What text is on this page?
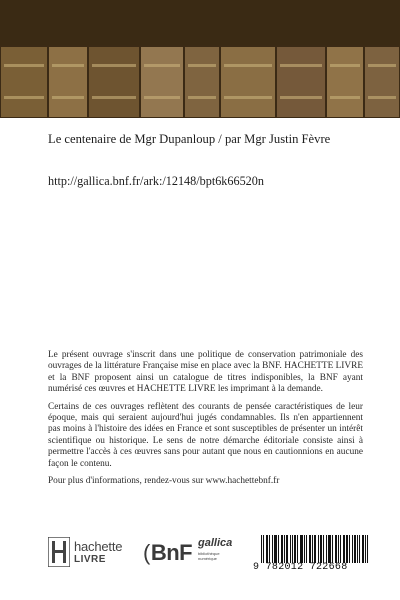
Le centenaire de Mgr Dupanloup / par Mgr Justin Fèvre
http://gallica.bnf.fr/ark:/12148/bpt6k66520n

Le présent ouvrage s'inscrit dans une politique de conservation patrimoniale des ouvrages de la littérature Française mise en place avec la BNF. HACHETTE LIVRE et la BNF proposent ainsi un catalogue de titres indisponibles, la BNF ayant numérisé ces œuvres et HACHETTE LIVRE les imprimant à la demande.

Certains de ces ouvrages reflètent des courants de pensée caractéristiques de leur époque, mais qui seraient aujourd'hui jugés condamnables. Ils n'en appartiennent pas moins à l'histoire des idées en France et sont susceptibles de présenter un intérêt scientifique ou historique. Le sens de notre démarche éditoriale consiste ainsi à permettre l'accès à ces œuvres sans pour autant que nous en cautionnions en aucune façon le contenu.

Pour plus d'informations, rendez-vous sur www.hachettebnf.fr

hachette
LIVRE (BnF gallica
bibliothèque numérique
9 782012 722668
